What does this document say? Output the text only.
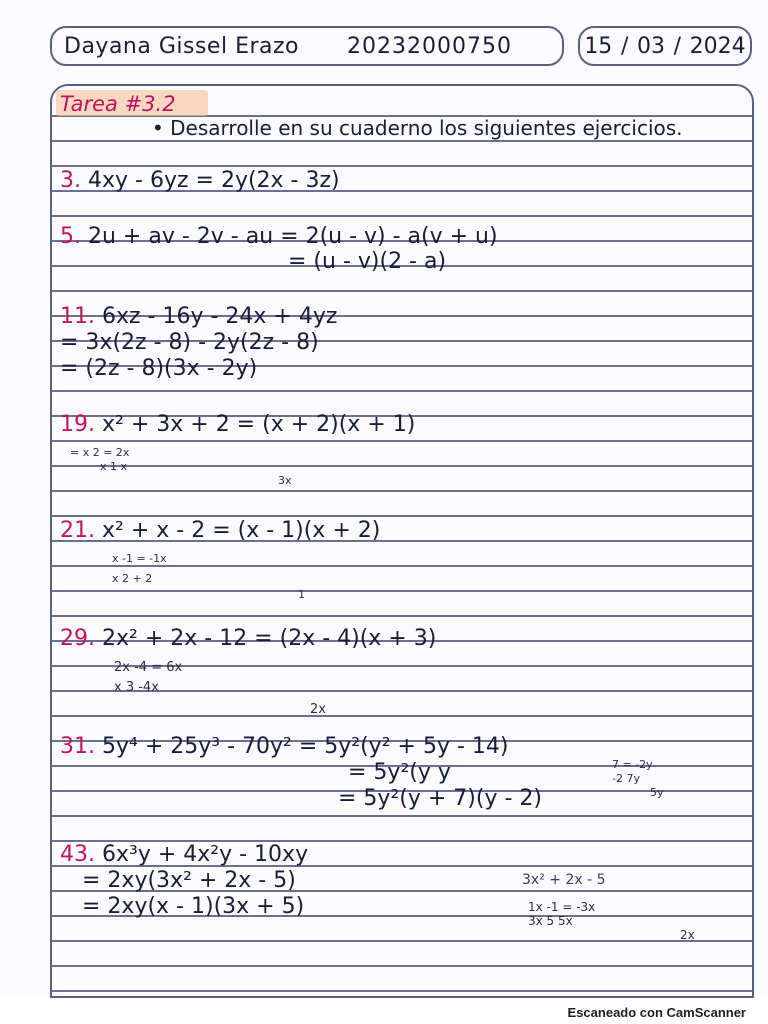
Dayana Gissel Erazo 20232000750	15 / 03 / 2024
Tarea #3.2
• Desarrolle en su cuaderno los siguientes ejercicios.
3. 4xy - 6yz = 2y(2x - 3z)
5. 2u + av - 2v - au = 2(u - v) - a(v + u)
= (u - v)(2 - a)
11. 6xz - 16y - 24x + 4yz
= 3x(2z - 8) - 2y(2z - 8)
= (2z - 8)(3x - 2y)
19. x² + 3x + 2 = (x + 2)(x + 1)
= x 2 = 2x
x 1 x
3x
21. x² + x - 2 = (x - 1)(x + 2)
x -1 = -1x
x 2 + 2
1
29. 2x² + 2x - 12 = (2x - 4)(x + 3)
2x -4 = 6x
x 3 -4x
2x
31. 5y⁴ + 25y³ - 70y² = 5y²(y² + 5y - 14)
= 5y²(y y
= 5y²(y + 7)(y - 2)
7 = -2y
-2 7y
5y
43. 6x³y + 4x²y - 10xy
= 2xy(3x² + 2x - 5)
= 2xy(x - 1)(3x + 5)
3x² + 2x - 5
1x -1 = -3x
3x 5 5x
2x
Escaneado con CamScanner
